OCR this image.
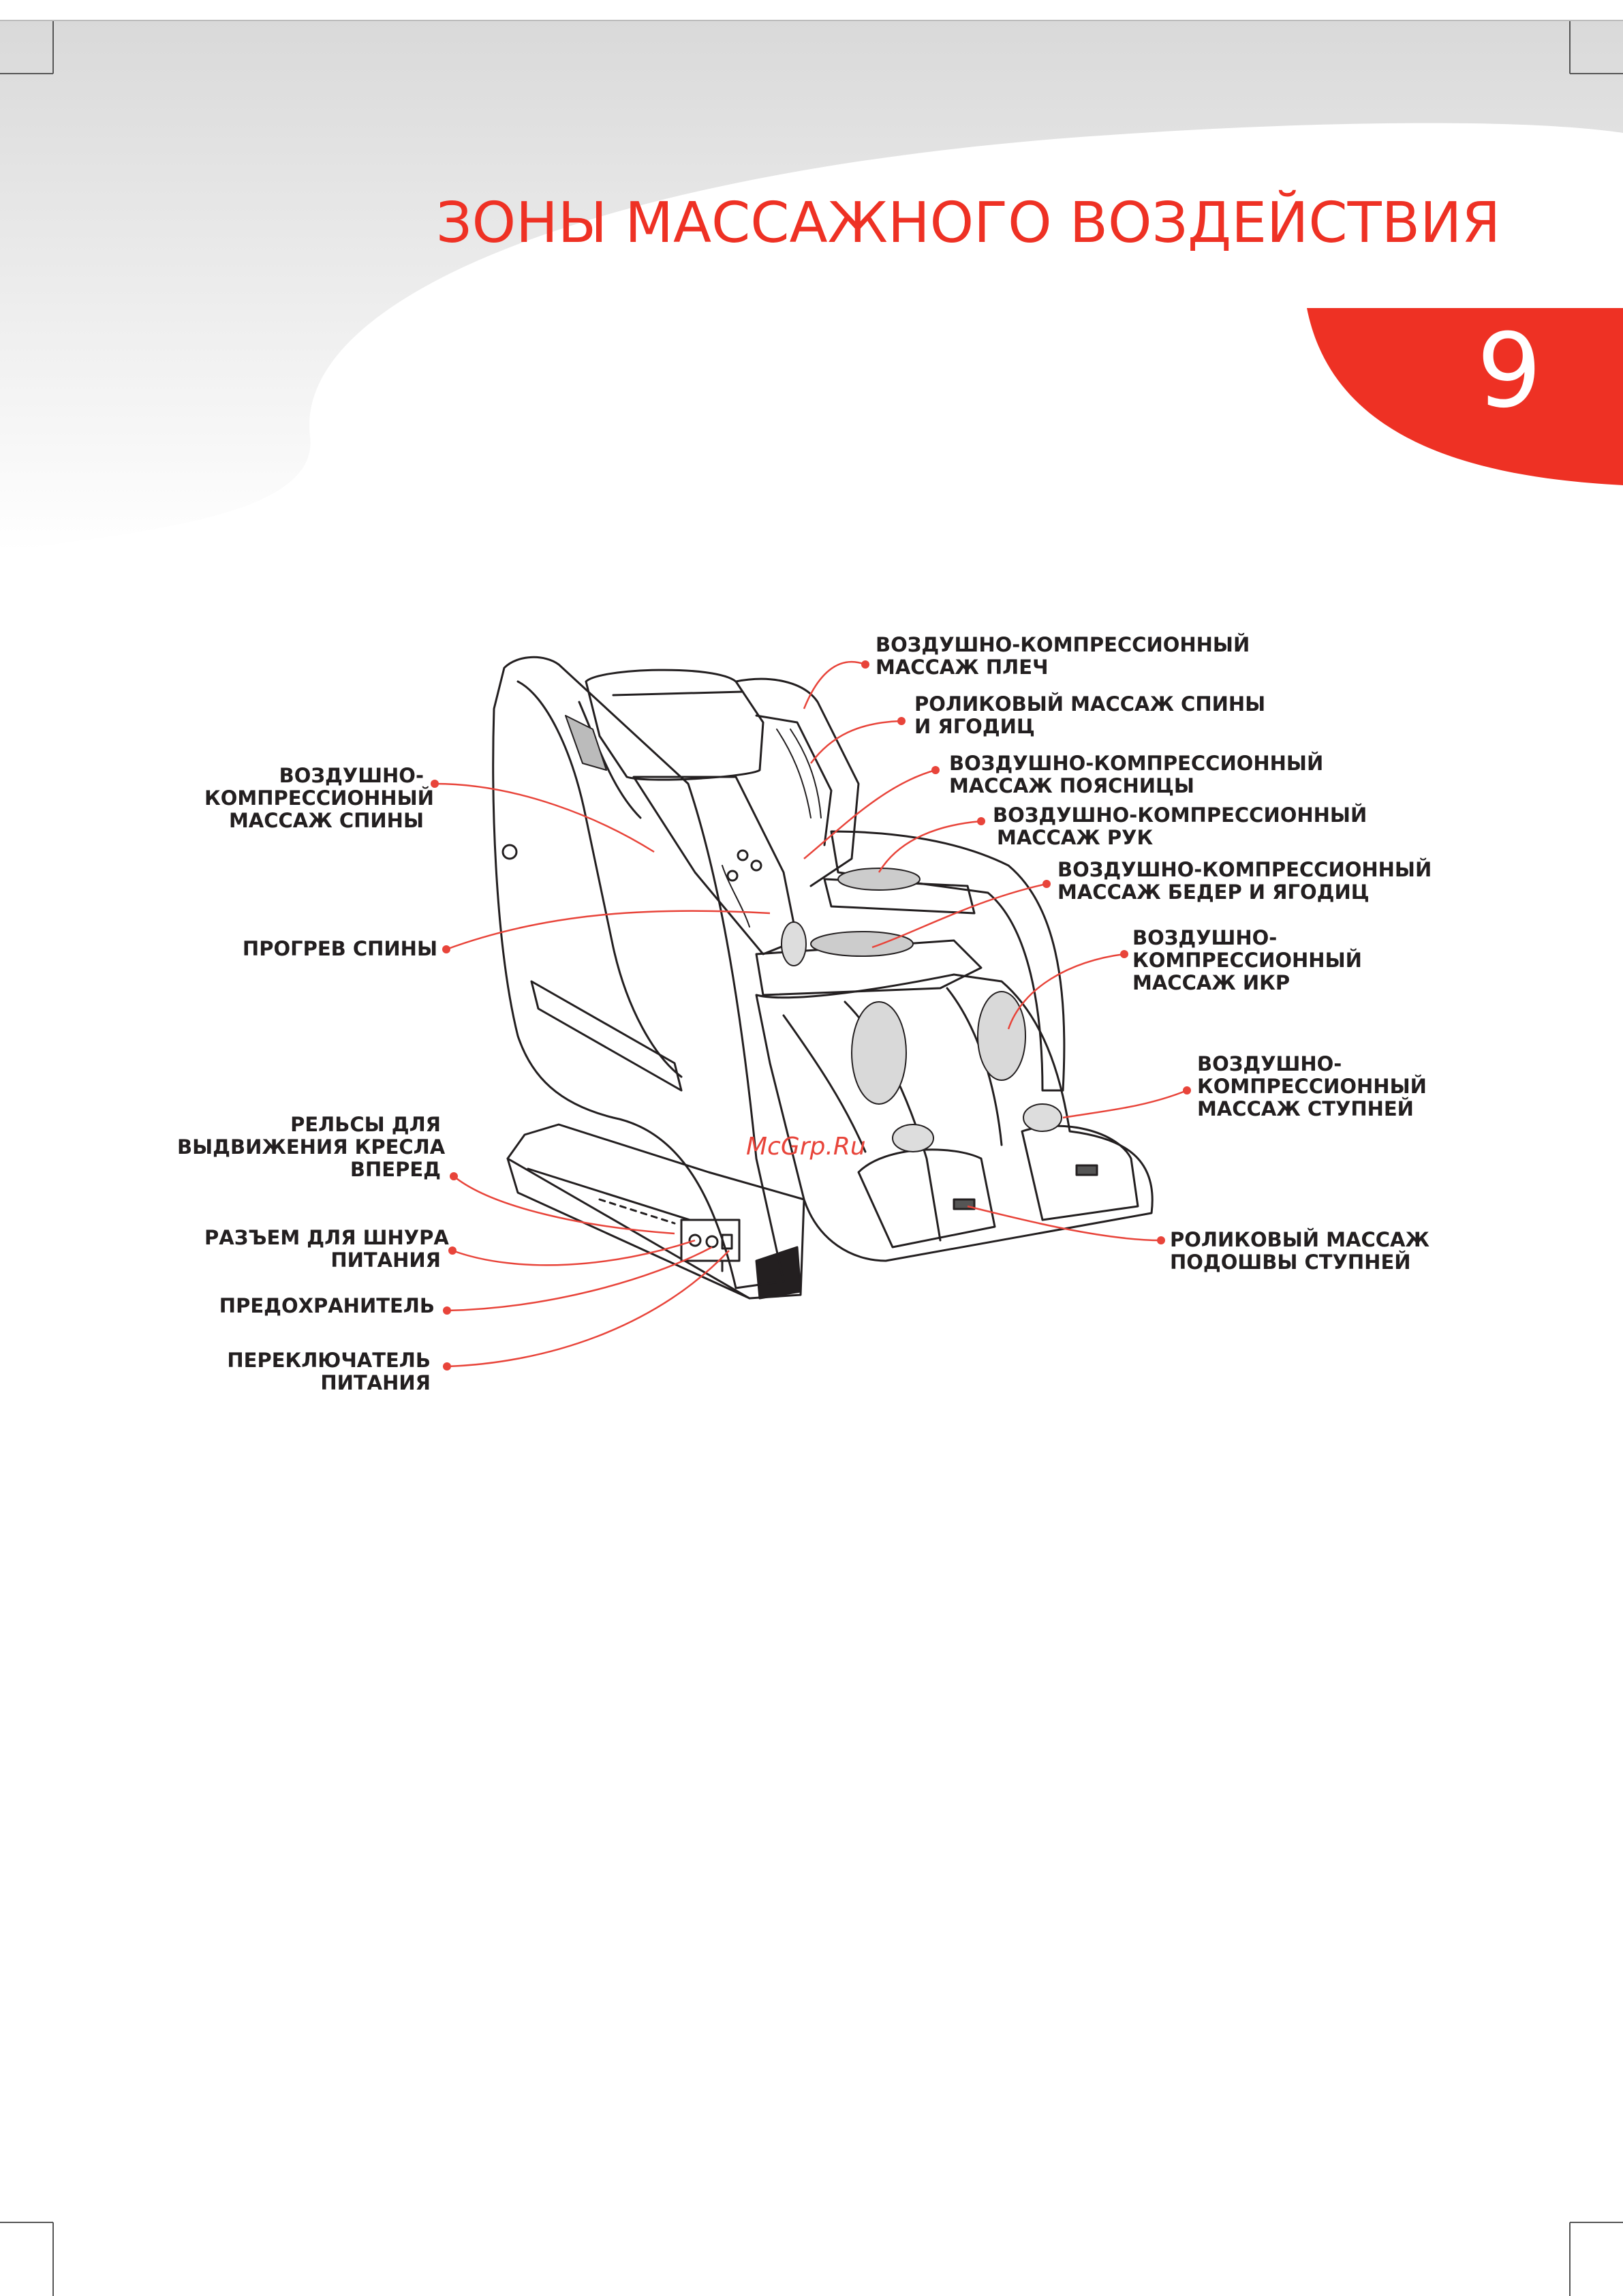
ЗОНЫ МАССАЖНОГО ВОЗДЕЙСТВИЯ
9
ВОЗДУШНО-КОМПРЕССИОННЫЙ
МАССАЖ ПЛЕЧ
РОЛИКОВЫЙ МАССАЖ СПИНЫ
И ЯГОДИЦ
ВОЗДУШНО-КОМПРЕССИОННЫЙ
МАССАЖ ПОЯСНИЦЫ
ВОЗДУШНО-КОМПРЕССИОННЫЙ
МАССАЖ РУК
ВОЗДУШНО-КОМПРЕССИОННЫЙ
МАССАЖ БЕДЕР И ЯГОДИЦ
ВОЗДУШНО-
КОМПРЕССИОННЫЙ
МАССАЖ ИКР
ВОЗДУШНО-
КОМПРЕССИОННЫЙ
МАССАЖ СТУПНЕЙ
РОЛИКОВЫЙ МАССАЖ
ПОДОШВЫ СТУПНЕЙ
ВОЗДУШНО-
КОМПРЕССИОННЫЙ
МАССАЖ СПИНЫ
ПРОГРЕВ СПИНЫ
РЕЛЬСЫ ДЛЯ
ВЫДВИЖЕНИЯ КРЕСЛА
ВПЕРЕД
РАЗЪЕМ ДЛЯ ШНУРА
ПИТАНИЯ
ПРЕДОХРАНИТЕЛЬ
ПЕРЕКЛЮЧАТЕЛЬ
ПИТАНИЯ
McGrp.Ru
